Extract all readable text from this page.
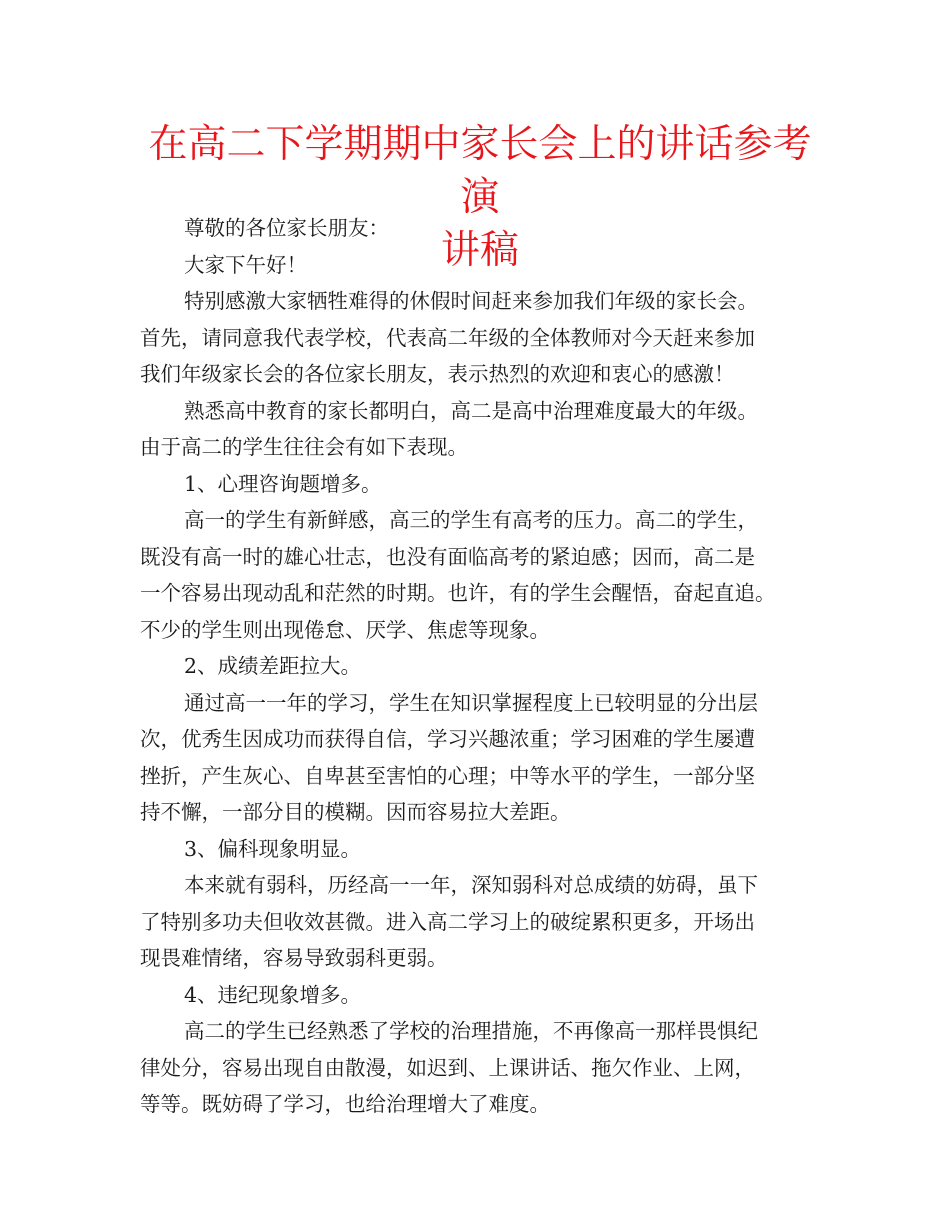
在高二下学期期中家长会上的讲话参考演
讲稿
尊敬的各位家长朋友：
大家下午好！
特别感激大家牺牲难得的休假时间赶来参加我们年级的家长会。
首先，请同意我代表学校，代表高二年级的全体教师对今天赶来参加
我们年级家长会的各位家长朋友，表示热烈的欢迎和衷心的感激！
熟悉高中教育的家长都明白，高二是高中治理难度最大的年级。
由于高二的学生往往会有如下表现。
1、心理咨询题增多。
高一的学生有新鲜感，高三的学生有高考的压力。高二的学生，
既没有高一时的雄心壮志，也没有面临高考的紧迫感；因而，高二是
一个容易出现动乱和茫然的时期。也许，有的学生会醒悟，奋起直追。
不少的学生则出现倦怠、厌学、焦虑等现象。
2、成绩差距拉大。
通过高一一年的学习，学生在知识掌握程度上已较明显的分出层
次，优秀生因成功而获得自信，学习兴趣浓重；学习困难的学生屡遭
挫折，产生灰心、自卑甚至害怕的心理；中等水平的学生，一部分坚
持不懈，一部分目的模糊。因而容易拉大差距。
3、偏科现象明显。
本来就有弱科，历经高一一年，深知弱科对总成绩的妨碍，虽下
了特别多功夫但收效甚微。进入高二学习上的破绽累积更多，开场出
现畏难情绪，容易导致弱科更弱。
4、违纪现象增多。
高二的学生已经熟悉了学校的治理措施，不再像高一那样畏惧纪
律处分，容易出现自由散漫，如迟到、上课讲话、拖欠作业、上网，
等等。既妨碍了学习，也给治理增大了难度。
